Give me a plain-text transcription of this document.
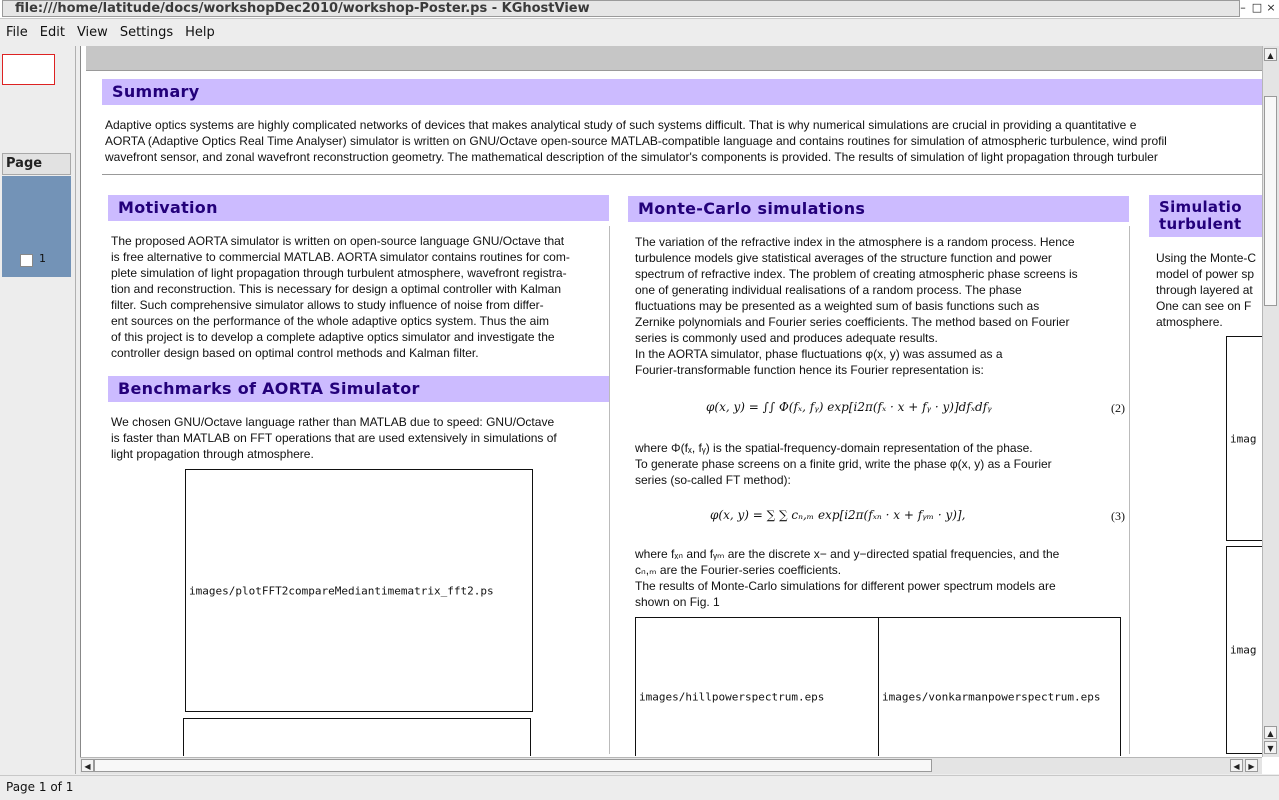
file:///home/latitude/docs/workshopDec2010/workshop-Poster.ps - KGhostView	– □ ×
File Edit View Settings Help
Page
1
Summary

Adaptive optics systems are highly complicated networks of devices that makes analytical study of such systems difficult. That is why numerical simulations are crucial in providing a quantitative e

AORTA (Adaptive Optics Real Time Analyser) simulator is written on GNU/Octave open-source MATLAB-compatible language and contains routines for simulation of atmospheric turbulence, wind profil

wavefront sensor, and zonal wavefront reconstruction geometry. The mathematical description of the simulator's components is provided. The results of simulation of light propagation through turbuler

Motivation

The proposed AORTA simulator is written on open-source language GNU/Octave that

is free alternative to commercial MATLAB. AORTA simulator contains routines for com-

plete simulation of light propagation through turbulent atmosphere, wavefront registra-

tion and reconstruction. This is necessary for design a optimal controller with Kalman

filter. Such comprehensive simulator allows to study influence of noise from differ-

ent sources on the performance of the whole adaptive optics system. Thus the aim

of this project is to develop a complete adaptive optics simulator and investigate the

controller design based on optimal control methods and Kalman filter.

Benchmarks of AORTA Simulator

We chosen GNU/Octave language rather than MATLAB due to speed: GNU/Octave

is faster than MATLAB on FFT operations that are used extensively in simulations of

light propagation through atmosphere.

images/plotFFT2compareMediantimematrix_fft2.ps
Monte-Carlo simulations

The variation of the refractive index in the atmosphere is a random process. Hence

turbulence models give statistical averages of the structure function and power

spectrum of refractive index. The problem of creating atmospheric phase screens is

one of generating individual realisations of a random process. The phase

fluctuations may be presented as a weighted sum of basis functions such as

Zernike polynomials and Fourier series coefficients. The method based on Fourier

series is commonly used and produces adequate results.

In the AORTA simulator, phase fluctuations φ(x, y) was assumed as a

Fourier-transformable function hence its Fourier representation is:

φ(x, y) = ∫∫ Φ(fₓ, fᵧ) exp[i2π(fₓ · x + fᵧ · y)]dfₓdfᵧ	(2)

where Φ(fₓ, fᵧ) is the spatial-frequency-domain representation of the phase.

To generate phase screens on a finite grid, write the phase φ(x, y) as a Fourier

series (so-called FT method):

φ(x, y) = ∑ ∑ cₙ,ₘ exp[i2π(fₓₙ · x + fᵧₘ · y)],	(3)

where fₓₙ and fᵧₘ are the discrete x− and y−directed spatial frequencies, and the

cₙ,ₘ are the Fourier-series coefficients.

The results of Monte-Carlo simulations for different power spectrum models are

shown on Fig. 1

images/hillpowerspectrum.eps	images/vonkarmanpowerspectrum.eps
Simulatio
turbulent

Using the Monte-C

model of power sp

through layered at

One can see on F

atmosphere.

imag
imag
▲
▲
▼
◀	◀	▶
Page 1 of 1
